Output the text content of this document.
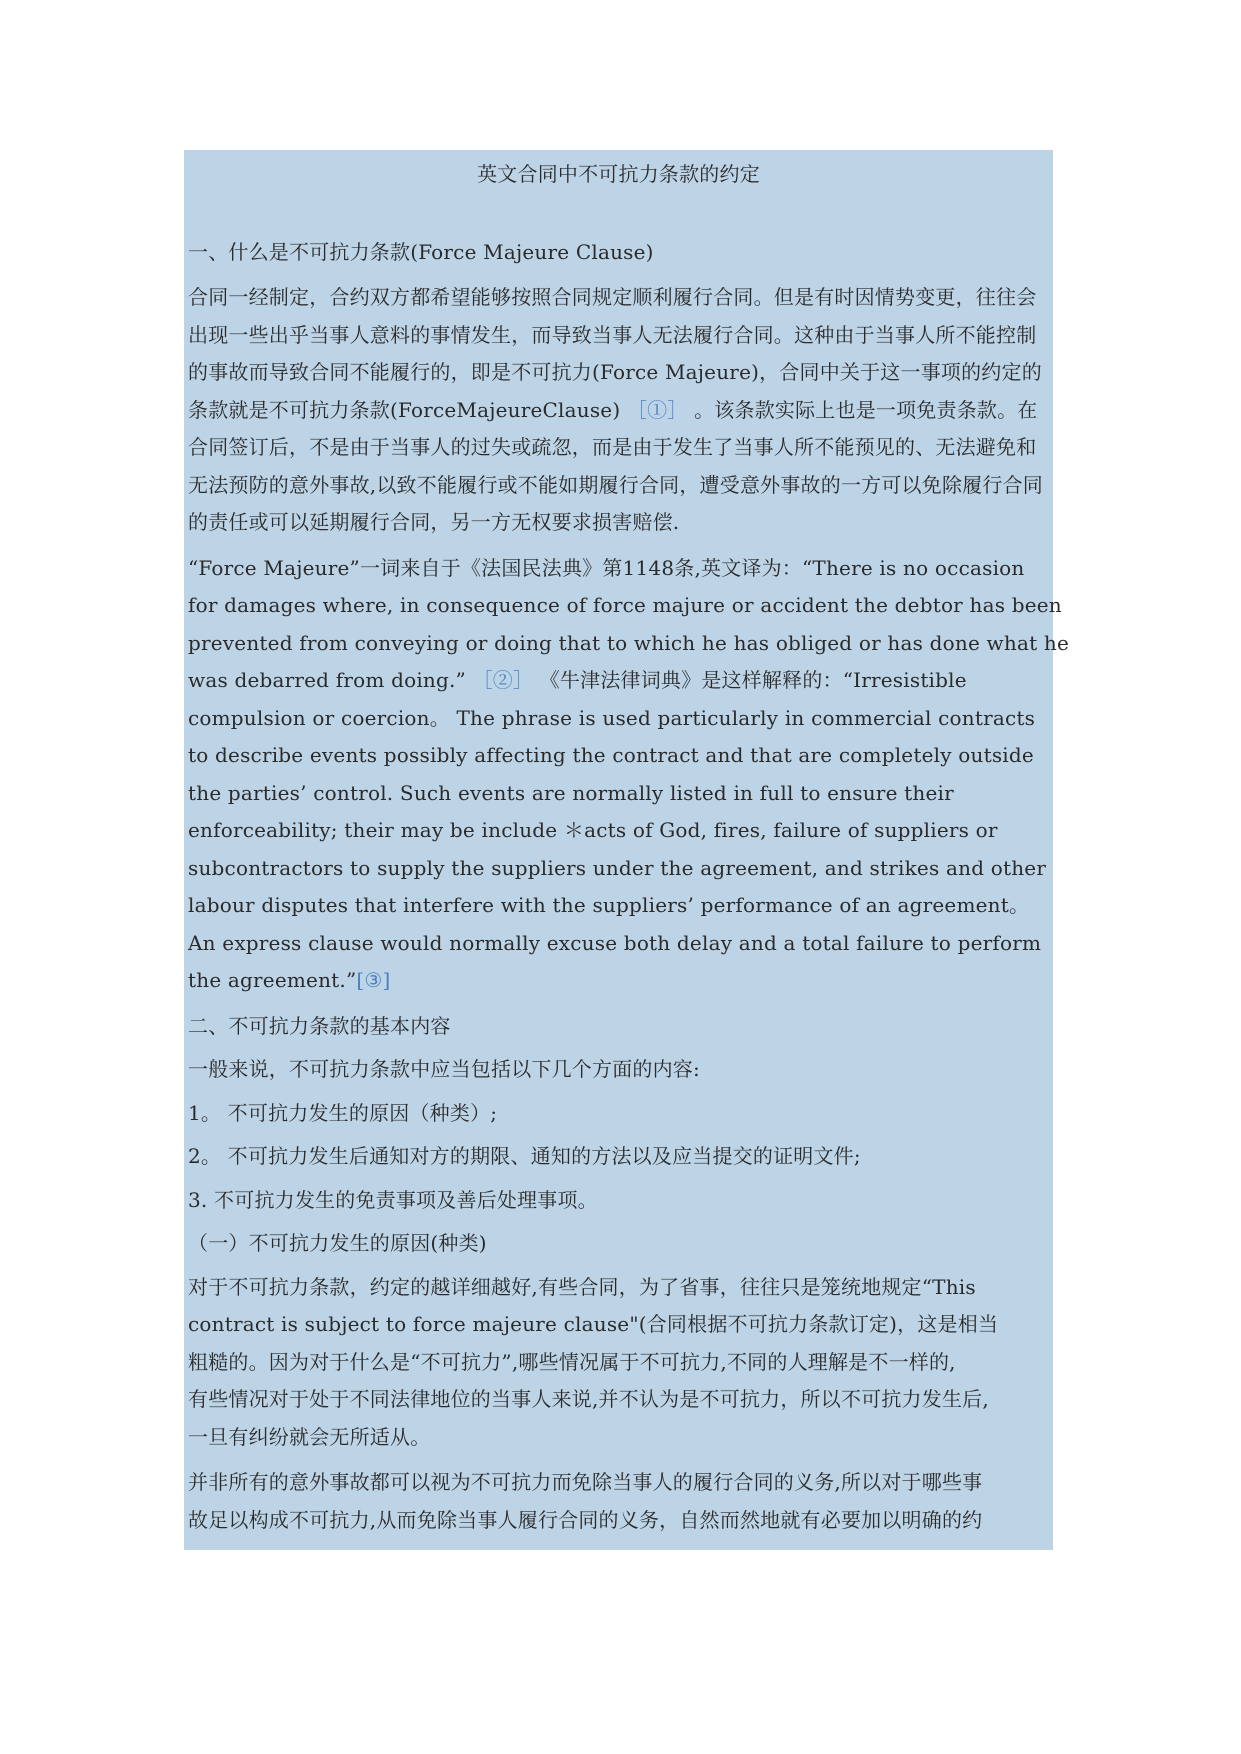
英文合同中不可抗力条款的约定
一、什么是不可抗力条款(Force Majeure Clause)
合同一经制定，合约双方都希望能够按照合同规定顺利履行合同。但是有时因情势变更，往往会出现一些出乎当事人意料的事情发生，而导致当事人无法履行合同。这种由于当事人所不能控制的事故而导致合同不能履行的，即是不可抗力(Force Majeure)，合同中关于这一事项的约定的条款就是不可抗力条款(ForceMajeureClause) ［①］ 。该条款实际上也是一项免责条款。在合同签订后，不是由于当事人的过失或疏忽，而是由于发生了当事人所不能预见的、无法避免和无法预防的意外事故,以致不能履行或不能如期履行合同，遭受意外事故的一方可以免除履行合同的责任或可以延期履行合同，另一方无权要求损害赔偿.
“Force Majeure”一词来自于《法国民法典》第1148条,英文译为：“There is no occasion
for damages where, in consequence of force majure or accident the debtor has been
prevented from conveying or doing that to which he has obliged or has done what he
was debarred from doing.” ［②］ 《牛津法律词典》是这样解释的：“Irresistible
compulsion or coercion。 The phrase is used particularly in commercial contracts
to describe events possibly affecting the contract and that are completely outside
the parties’ control. Such events are normally listed in full to ensure their
enforceability; their may be include ＊acts of God, fires, failure of suppliers or
subcontractors to supply the suppliers under the agreement, and strikes and other
labour disputes that interfere with the suppliers’ performance of an agreement。
An express clause would normally excuse both delay and a total failure to perform
the agreement.”[③]
二、不可抗力条款的基本内容
一般来说，不可抗力条款中应当包括以下几个方面的内容:
1。 不可抗力发生的原因（种类）;
2。 不可抗力发生后通知对方的期限、通知的方法以及应当提交的证明文件;
3. 不可抗力发生的免责事项及善后处理事项。
（一）不可抗力发生的原因(种类)
对于不可抗力条款，约定的越详细越好,有些合同，为了省事，往往只是笼统地规定“This
contract is subject to force majeure clause"(合同根据不可抗力条款订定)，这是相当
粗糙的。因为对于什么是“不可抗力”,哪些情况属于不可抗力,不同的人理解是不一样的,
有些情况对于处于不同法律地位的当事人来说,并不认为是不可抗力，所以不可抗力发生后,
一旦有纠纷就会无所适从。
并非所有的意外事故都可以视为不可抗力而免除当事人的履行合同的义务,所以对于哪些事
故足以构成不可抗力,从而免除当事人履行合同的义务，自然而然地就有必要加以明确的约
